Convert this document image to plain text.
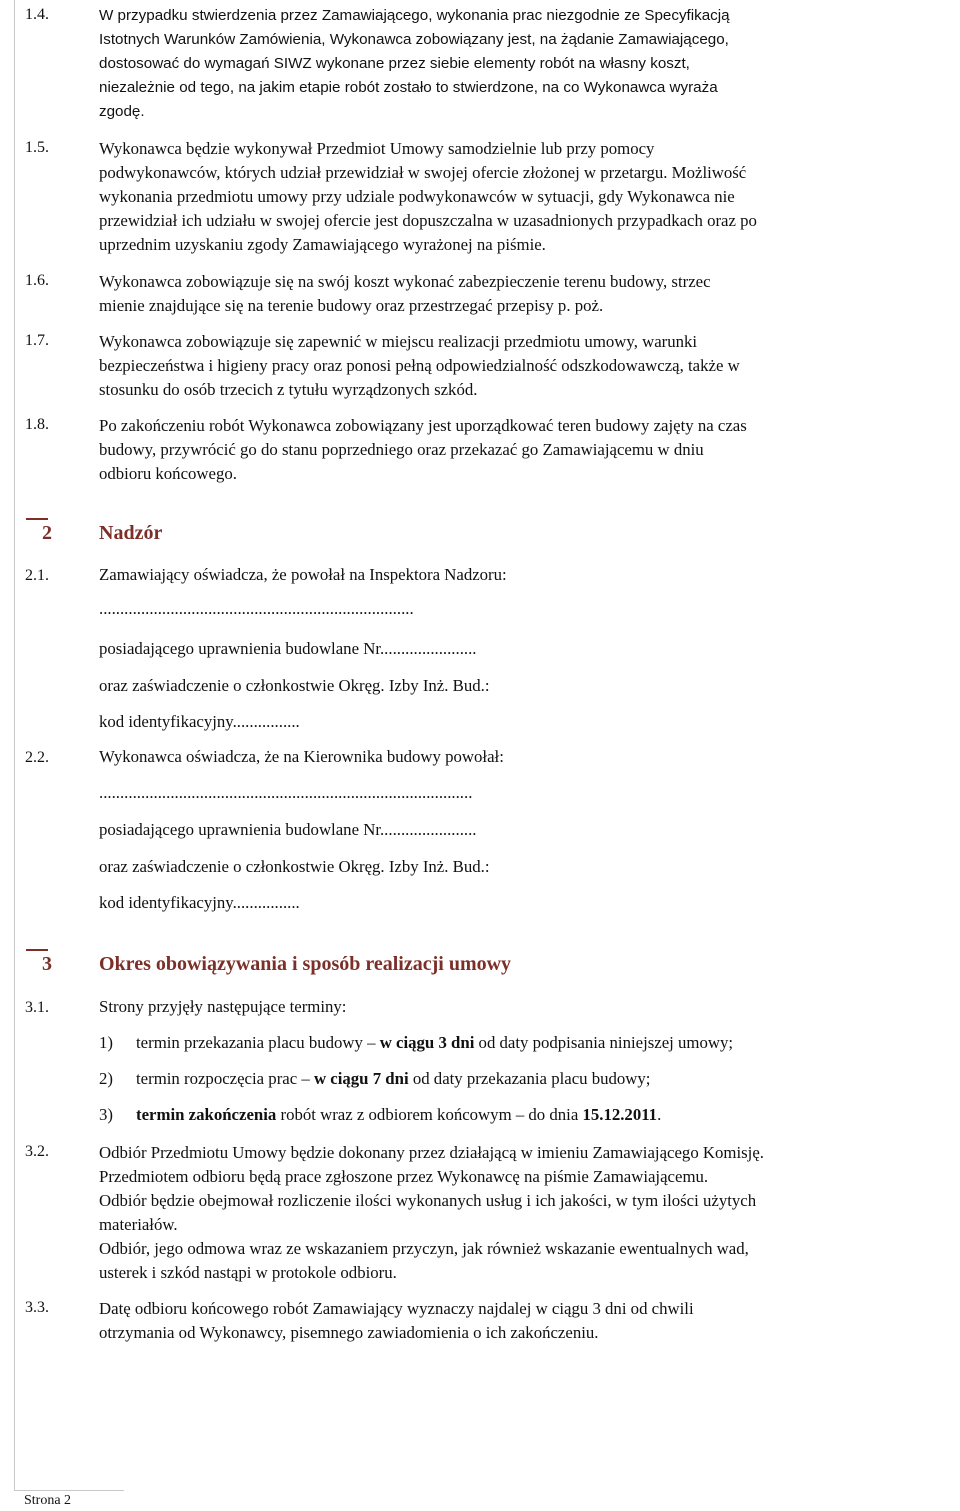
1.4.	W przypadku stwierdzenia przez Zamawiającego, wykonania prac niezgodnie ze Specyfikacją
Istotnych Warunków Zamówienia, Wykonawca zobowiązany jest, na żądanie Zamawiającego,
dostosować do wymagań SIWZ wykonane przez siebie elementy robót na własny koszt,
niezależnie od tego, na jakim etapie robót zostało to stwierdzone, na co Wykonawca wyraża
zgodę.
1.5.	Wykonawca będzie wykonywał Przedmiot Umowy samodzielnie lub przy pomocy
podwykonawców, których udział przewidział w swojej ofercie złożonej w przetargu. Możliwość
wykonania przedmiotu umowy przy udziale podwykonawców w sytuacji, gdy Wykonawca nie
przewidział ich udziału w swojej ofercie jest dopuszczalna w uzasadnionych przypadkach oraz po
uprzednim uzyskaniu zgody Zamawiającego wyrażonej na piśmie.
1.6.	Wykonawca zobowiązuje się na swój koszt wykonać zabezpieczenie terenu budowy, strzec
mienie znajdujące się na terenie budowy oraz przestrzegać przepisy p. poż.
1.7.	Wykonawca zobowiązuje się zapewnić w miejscu realizacji przedmiotu umowy, warunki
bezpieczeństwa i higieny pracy oraz ponosi pełną odpowiedzialność odszkodowawczą, także w
stosunku do osób trzecich z tytułu wyrządzonych szkód.
1.8.	Po zakończeniu robót Wykonawca zobowiązany jest uporządkować teren budowy zajęty na czas
budowy, przywrócić go do stanu poprzedniego oraz przekazać go Zamawiającemu w dniu
odbioru końcowego.
2 Nadzór
2.1.	Zamawiający oświadcza, że powołał na Inspektora Nadzoru:
...........................................................................
posiadającego uprawnienia budowlane Nr.......................
oraz zaświadczenie o członkostwie Okręg. Izby Inż. Bud.:
kod identyfikacyjny................
2.2.	Wykonawca oświadcza, że na Kierownika budowy powołał:
.........................................................................................
posiadającego uprawnienia budowlane Nr.......................
oraz zaświadczenie o członkostwie Okręg. Izby Inż. Bud.:
kod identyfikacyjny................
3 Okres obowiązywania i sposób realizacji umowy
3.1.	Strony przyjęły następujące terminy:
1) termin przekazania placu budowy – w ciągu 3 dni od daty podpisania niniejszej umowy;
2) termin rozpoczęcia prac – w ciągu 7 dni od daty przekazania placu budowy;
3) termin zakończenia robót wraz z odbiorem końcowym – do dnia 15.12.2011.
3.2.	Odbiór Przedmiotu Umowy będzie dokonany przez działającą w imieniu Zamawiającego Komisję.
Przedmiotem odbioru będą prace zgłoszone przez Wykonawcę na piśmie Zamawiającemu.
Odbiór będzie obejmował rozliczenie ilości wykonanych usług i ich jakości, w tym ilości użytych
materiałów.
Odbiór, jego odmowa wraz ze wskazaniem przyczyn, jak również wskazanie ewentualnych wad,
usterek i szkód nastąpi w protokole odbioru.
3.3.	Datę odbioru końcowego robót Zamawiający wyznaczy najdalej w ciągu 3 dni od chwili
otrzymania od Wykonawcy, pisemnego zawiadomienia o ich zakończeniu.
Strona 2
